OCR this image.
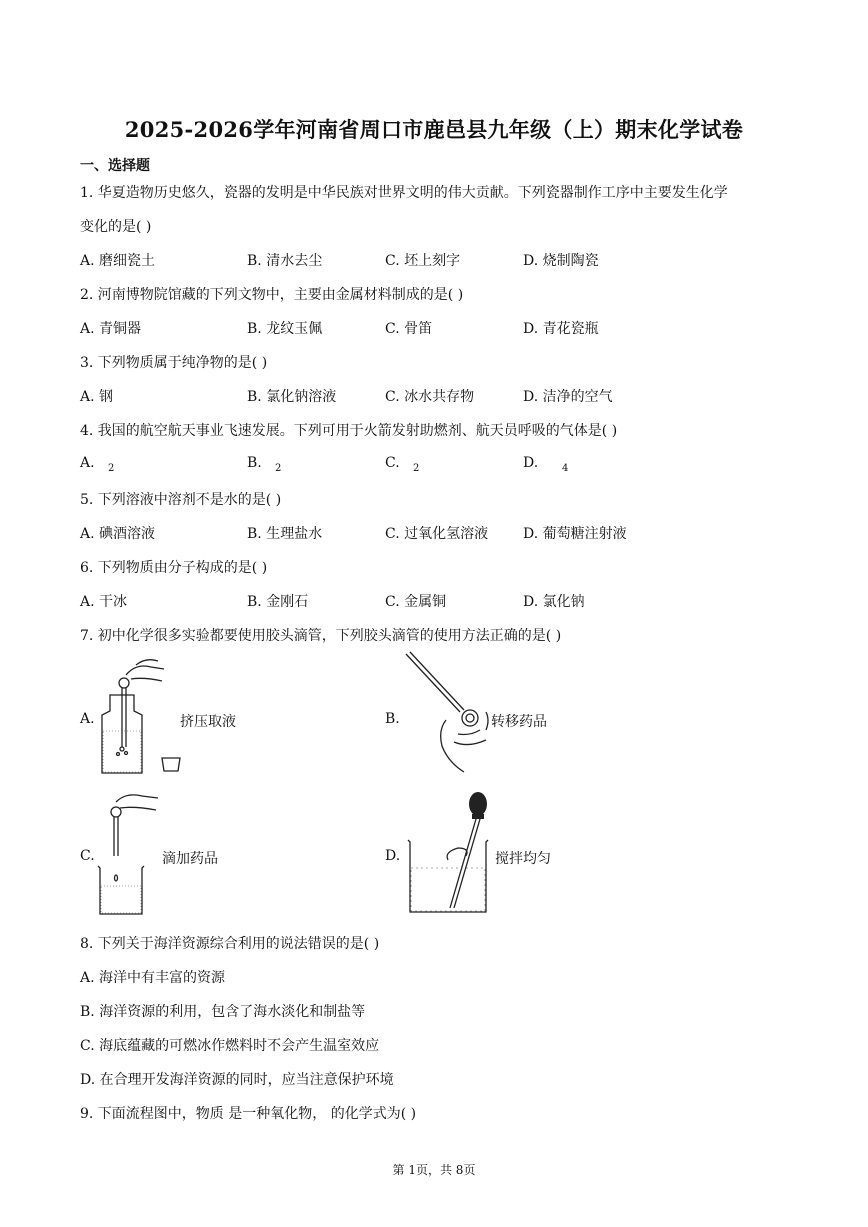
2025-2026学年河南省周口市鹿邑县九年级（上）期末化学试卷
一、选择题
1. 华夏造物历史悠久，瓷器的发明是中华民族对世界文明的伟大贡献。下列瓷器制作工序中主要发生化学
变化的是( )
A. 磨细瓷土	B. 清水去尘	C. 坯上刻字	D. 烧制陶瓷
2. 河南博物院馆藏的下列文物中，主要由金属材料制成的是( )
A. 青铜器	B. 龙纹玉佩	C. 骨笛	D. 青花瓷瓶
3. 下列物质属于纯净物的是( )
A. 钢	B. 氯化钠溶液	C. 冰水共存物	D. 洁净的空气
4. 我国的航空航天事业飞速发展。下列可用于火箭发射助燃剂、航天员呼吸的气体是( )
A. 2	B. 2	C. 2	D. 4
5. 下列溶液中溶剂不是水的是( )
A. 碘酒溶液	B. 生理盐水	C. 过氧化氢溶液 D. 葡萄糖注射液
6. 下列物质由分子构成的是( )
A. 干冰	B. 金刚石	C. 金属铜	D. 氯化钠
7. 初中化学很多实验都要使用胶头滴管，下列胶头滴管的使用方法正确的是( )
A.	挤压取液	B.	转移药品
C.	滴加药品	D.	搅拌均匀
8. 下列关于海洋资源综合利用的说法错误的是( )
A. 海洋中有丰富的资源
B. 海洋资源的利用，包含了海水淡化和制盐等
C. 海底蕴藏的可燃冰作燃料时不会产生温室效应
D. 在合理开发海洋资源的同时，应当注意保护环境
9. 下面流程图中，物质 是一种氧化物， 的化学式为( )
第 1页，共 8页
